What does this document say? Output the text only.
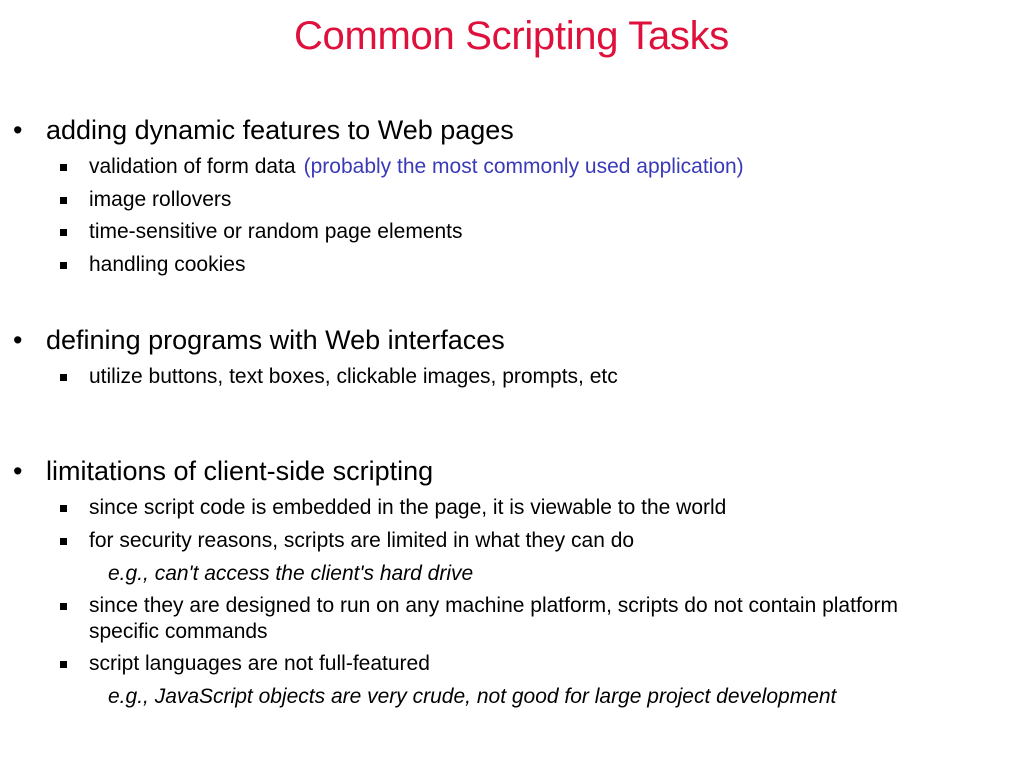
Common Scripting Tasks
• adding dynamic features to Web pages
validation of form data (probably the most commonly used application)
image rollovers
time-sensitive or random page elements
handling cookies
• defining programs with Web interfaces
utilize buttons, text boxes, clickable images, prompts, etc
• limitations of client-side scripting
since script code is embedded in the page, it is viewable to the world
for security reasons, scripts are limited in what they can do
e.g., can't access the client's hard drive
since they are designed to run on any machine platform, scripts do not contain platform specific commands
script languages are not full-featured
e.g., JavaScript objects are very crude, not good for large project development
